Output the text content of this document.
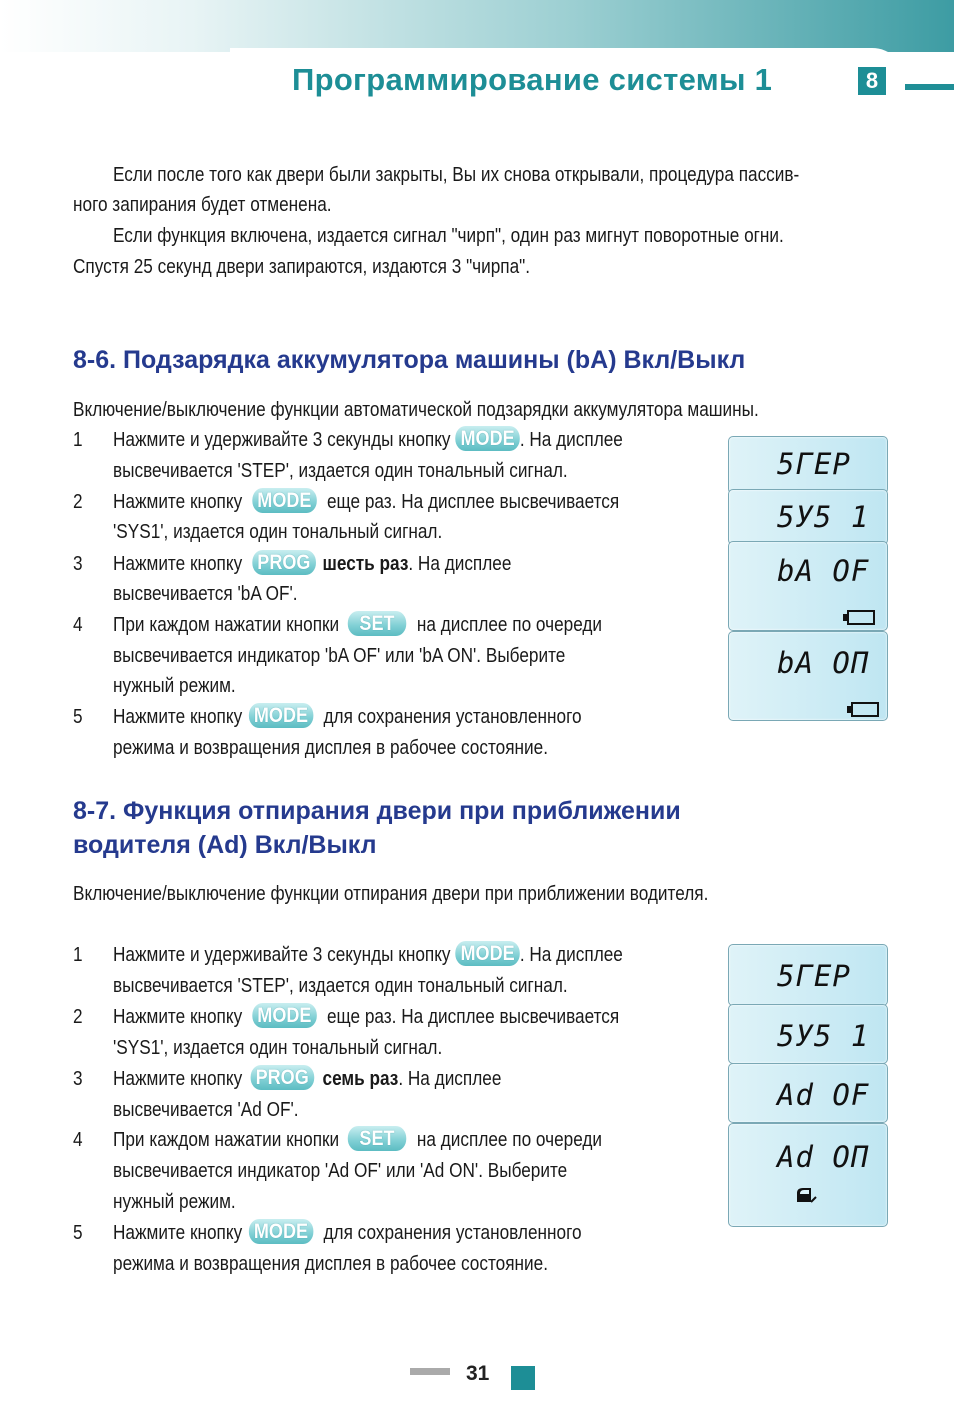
Программирование системы 1	8
Если после того как двери были закрыты, Вы их снова открывали, процедура пассив-
ного запирания будет отменена.
Если функция включена, издается сигнал "чирп", один раз мигнут поворотные огни.
Спустя 25 секунд двери запираются, издаются 3 "чирпа".
8-6. Подзарядка аккумулятора машины (bA) Вкл/Выкл
Включение/выключение функции автоматической подзарядки аккумулятора машины.
1 Нажмите и удерживайте 3 секунды кнопку MODE . На дисплее
высвечивается 'STEP', издается один тональный сигнал.
2 Нажмите кнопку MODE еще раз. На дисплее высвечивается
'SYS1', издается один тональный сигнал.
3 Нажмите кнопку PROG шесть раз. На дисплее
высвечивается 'bA OF'.
4 При каждом нажатии кнопки SET на дисплее по очереди
высвечивается индикатор 'bA OF' или 'bA ON'. Выберите
нужный режим.
5 Нажмите кнопку MODE для сохранения установленного
режима и возвращения дисплея в рабочее состояние.
5ГEP
5У5 1
bA OF
bA ОП
8-7. Функция отпирания двери при приближении
водителя (Ad) Вкл/Выкл
Включение/выключение функции отпирания двери при приближении водителя.
1 Нажмите и удерживайте 3 секунды кнопку MODE . На дисплее
высвечивается 'STEP', издается один тональный сигнал.
2 Нажмите кнопку MODE еще раз. На дисплее высвечивается
'SYS1', издается один тональный сигнал.
3 Нажмите кнопку PROG семь раз. На дисплее
высвечивается 'Ad OF'.
4 При каждом нажатии кнопки SET на дисплее по очереди
высвечивается индикатор 'Ad OF' или 'Ad ON'. Выберите
нужный режим.
5 Нажмите кнопку MODE для сохранения установленного
режима и возвращения дисплея в рабочее состояние.
5ГEP
5У5 1
Ad OF
Ad ОП
31
